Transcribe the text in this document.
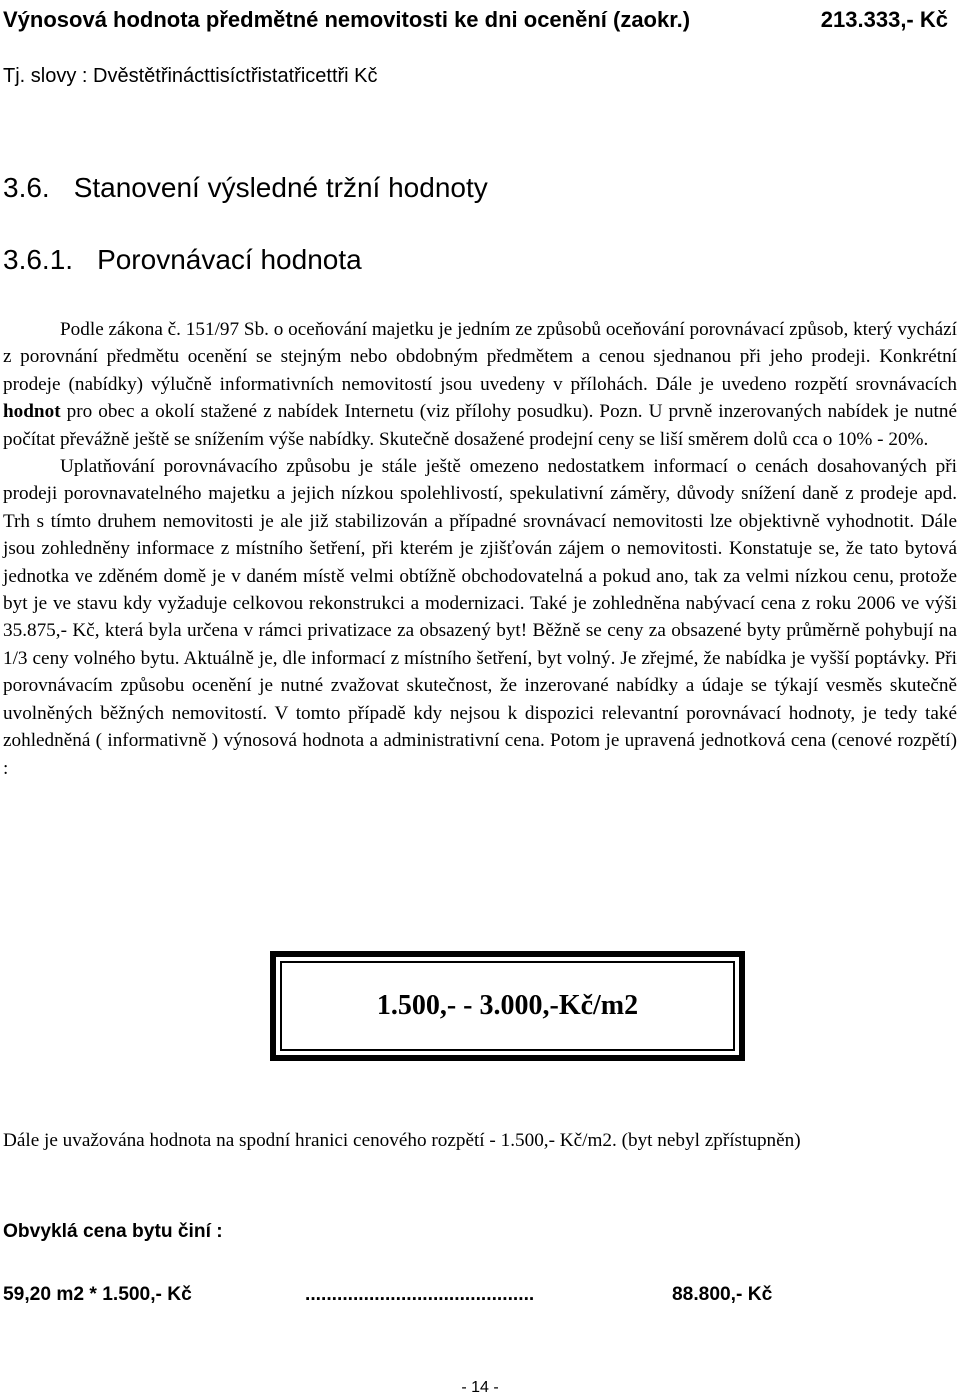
Výnosová hodnota předmětné nemovitosti ke dni ocenění (zaokr.)	213.333,- Kč
Tj. slovy : Dvěstětřinácttisíctřistatřicettři Kč
3.6. Stanovení výsledné tržní hodnoty
3.6.1. Porovnávací hodnota

Podle zákona č. 151/97 Sb. o oceňování majetku je jedním ze způsobů oceňování porovnávací způsob, který vychází z porovnání předmětu ocenění se stejným nebo obdobným předmětem a cenou sjednanou při jeho prodeji. Konkrétní prodeje (nabídky) výlučně informativních nemovitostí jsou uvedeny v přílohách. Dále je uvedeno rozpětí srovnávacích hodnot pro obec a okolí stažené z nabídek Internetu (viz přílohy posudku). Pozn. U prvně inzerovaných nabídek je nutné počítat převážně ještě se snížením výše nabídky. Skutečně dosažené prodejní ceny se liší směrem dolů cca o 10% - 20%.

Uplatňování porovnávacího způsobu je stále ještě omezeno nedostatkem informací o cenách dosahovaných při prodeji porovnavatelného majetku a jejich nízkou spolehlivostí, spekulativní záměry, důvody snížení daně z prodeje apd. Trh s tímto druhem nemovitosti je ale již stabilizován a případné srovnávací nemovitosti lze objektivně vyhodnotit. Dále jsou zohledněny informace z místního šetření, při kterém je zjišťován zájem o nemovitosti. Konstatuje se, že tato bytová jednotka ve zděném domě je v daném místě velmi obtížně obchodovatelná a pokud ano, tak za velmi nízkou cenu, protože byt je ve stavu kdy vyžaduje celkovou rekonstrukci a modernizaci. Také je zohledněna nabývací cena z roku 2006 ve výši 35.875,- Kč, která byla určena v rámci privatizace za obsazený byt! Běžně se ceny za obsazené byty průměrně pohybují na 1/3 ceny volného bytu. Aktuálně je, dle informací z místního šetření, byt volný. Je zřejmé, že nabídka je vyšší poptávky. Při porovnávacím způsobu ocenění je nutné zvažovat skutečnost, že inzerované nabídky a údaje se týkají vesměs skutečně uvolněných běžných nemovitostí. V tomto případě kdy nejsou k dispozici relevantní porovnávací hodnoty, je tedy také zohledněná ( informativně ) výnosová hodnota a administrativní cena. Potom je upravená jednotková cena (cenové rozpětí) :

1.500,- - 3.000,-Kč/m2
Dále je uvažována hodnota na spodní hranici cenového rozpětí - 1.500,- Kč/m2. (byt nebyl zpřístupněn)
Obvyklá cena bytu činí :
59,20 m2 * 1.500,- Kč	...........................................	88.800,- Kč
- 14 -
